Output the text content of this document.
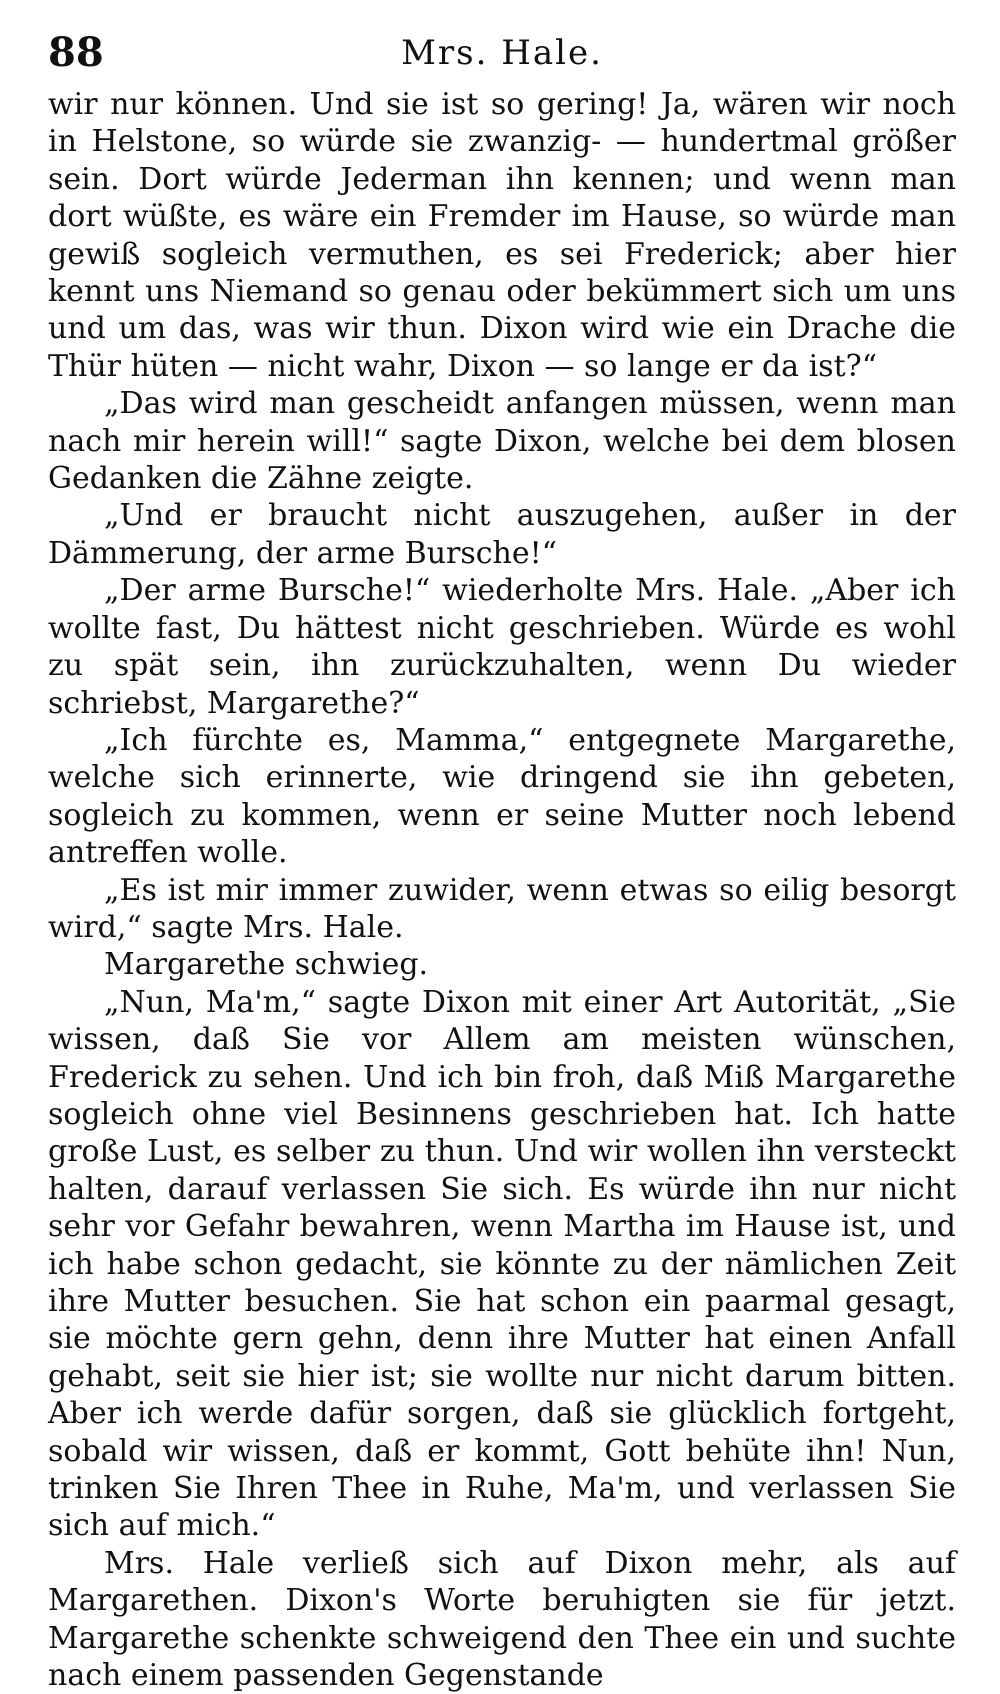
88	Mrs. Hale.

wir nur können. Und sie ist so gering! Ja, wären wir noch in Helstone, so würde sie zwanzig- — hundertmal größer sein. Dort würde Jederman ihn kennen; und wenn man dort wüßte, es wäre ein Fremder im Hause, so würde man gewiß sogleich vermuthen, es sei Frederick; aber hier kennt uns Niemand so genau oder bekümmert sich um uns und um das, was wir thun. Dixon wird wie ein Drache die Thür hüten — nicht wahr, Dixon — so lange er da ist?“

„Das wird man gescheidt anfangen müssen, wenn man nach mir herein will!“ sagte Dixon, welche bei dem blosen Gedanken die Zähne zeigte.

„Und er braucht nicht auszugehen, außer in der Dämmerung, der arme Bursche!“

„Der arme Bursche!“ wiederholte Mrs. Hale. „Aber ich wollte fast, Du hättest nicht geschrieben. Würde es wohl zu spät sein, ihn zurückzuhalten, wenn Du wieder schriebst, Margarethe?“

„Ich fürchte es, Mamma,“ entgegnete Margarethe, welche sich erinnerte, wie dringend sie ihn gebeten, sogleich zu kommen, wenn er seine Mutter noch lebend antreffen wolle.

„Es ist mir immer zuwider, wenn etwas so eilig besorgt wird,“ sagte Mrs. Hale.

Margarethe schwieg.

„Nun, Ma'm,“ sagte Dixon mit einer Art Autorität, „Sie wissen, daß Sie vor Allem am meisten wünschen, Frederick zu sehen. Und ich bin froh, daß Miß Margarethe sogleich ohne viel Besinnens geschrieben hat. Ich hatte große Lust, es selber zu thun. Und wir wollen ihn versteckt halten, darauf verlassen Sie sich. Es würde ihn nur nicht sehr vor Gefahr bewahren, wenn Martha im Hause ist, und ich habe schon gedacht, sie könnte zu der nämlichen Zeit ihre Mutter besuchen. Sie hat schon ein paarmal gesagt, sie möchte gern gehn, denn ihre Mutter hat einen Anfall gehabt, seit sie hier ist; sie wollte nur nicht darum bitten. Aber ich werde dafür sorgen, daß sie glücklich fortgeht, sobald wir wissen, daß er kommt, Gott behüte ihn! Nun, trinken Sie Ihren Thee in Ruhe, Ma'm, und verlassen Sie sich auf mich.“

Mrs. Hale verließ sich auf Dixon mehr, als auf Margarethen. Dixon's Worte beruhigten sie für jetzt. Margarethe schenkte schweigend den Thee ein und suchte nach einem passenden Gegenstande
